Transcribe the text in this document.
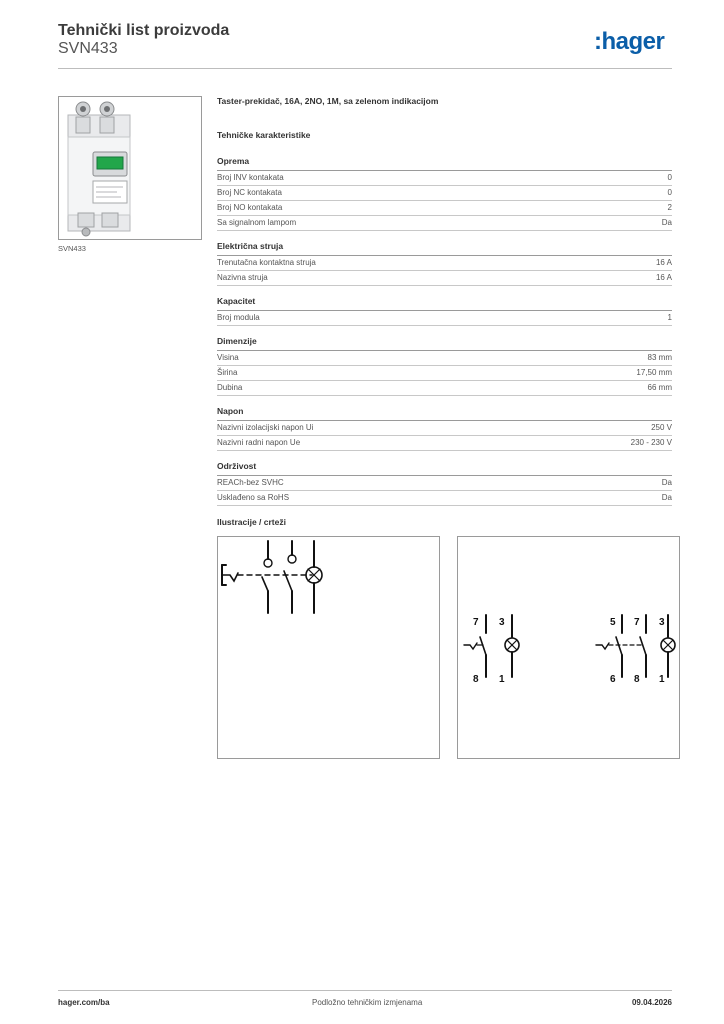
Tehnički list proizvoda
SVN433	:hager
SVN433
Taster-prekidač, 16A, 2NO, 1M, sa zelenom indikacijom
Tehničke karakteristike
Oprema
Broj INV kontakata	0
Broj NC kontakata	0
Broj NO kontakata	2
Sa signalnom lampom	Da
Električna struja
Trenutačna kontaktna struja	16 A
Nazivna struja	16 A
Kapacitet
Broj modula	1
Dimenzije
Visina	83 mm
Širina	17,50 mm
Dubina	66 mm
Napon
Nazivni izolacijski napon Ui	250 V
Nazivni radni napon Ue	230 - 230 V
Održivost
REACh-bez SVHC	Da
Usklađeno sa RoHS	Da
Ilustracije / crteži
7 3
8 1
5 7 3
6 8 1
hager.com/ba	Podložno tehničkim izmjenama	09.04.2026
